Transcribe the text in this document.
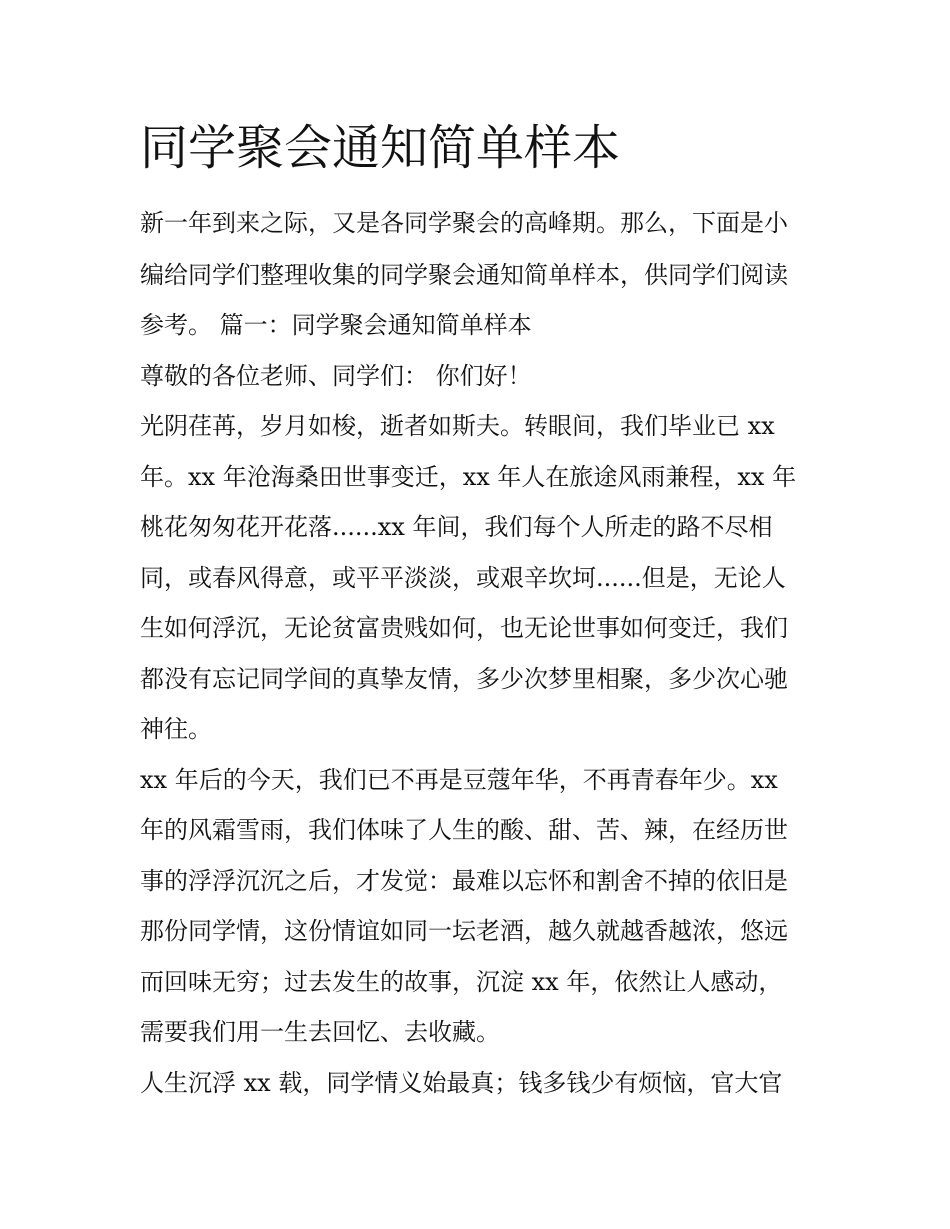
同学聚会通知简单样本

新一年到来之际，又是各同学聚会的高峰期。那么，下面是小

编给同学们整理收集的同学聚会通知简单样本，供同学们阅读

参考。 篇一：同学聚会通知简单样本

尊敬的各位老师、同学们： 你们好！

光阴荏苒，岁月如梭，逝者如斯夫。转眼间，我们毕业已 xx

年。xx 年沧海桑田世事变迁，xx 年人在旅途风雨兼程，xx 年

桃花匆匆花开花落......xx 年间，我们每个人所走的路不尽相

同，或春风得意，或平平淡淡，或艰辛坎坷......但是，无论人

生如何浮沉，无论贫富贵贱如何，也无论世事如何变迁，我们

都没有忘记同学间的真挚友情，多少次梦里相聚，多少次心驰

神往。

xx 年后的今天，我们已不再是豆蔻年华，不再青春年少。xx

年的风霜雪雨，我们体味了人生的酸、甜、苦、辣，在经历世

事的浮浮沉沉之后，才发觉：最难以忘怀和割舍不掉的依旧是

那份同学情，这份情谊如同一坛老酒，越久就越香越浓，悠远

而回味无穷；过去发生的故事，沉淀 xx 年，依然让人感动，

需要我们用一生去回忆、去收藏。

人生沉浮 xx 载，同学情义始最真；钱多钱少有烦恼，官大官
